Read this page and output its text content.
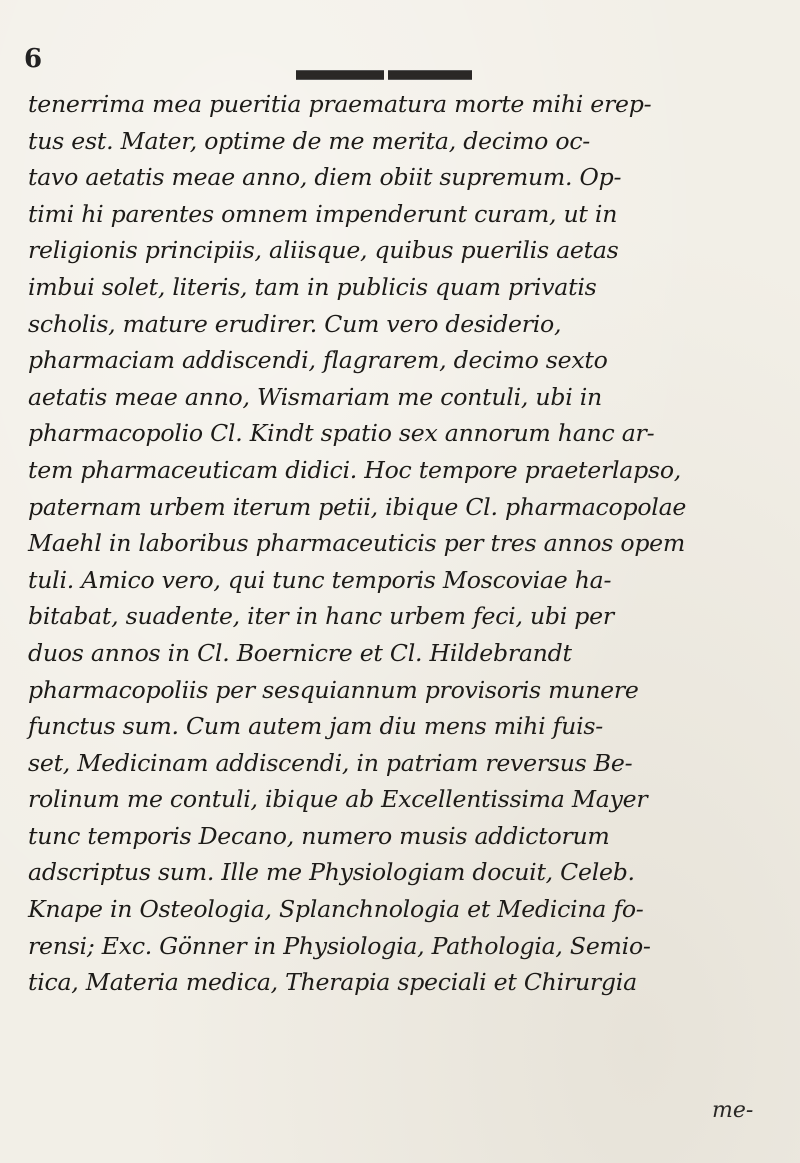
6
tenerrima mea pueritia praematura morte mihi erep-
tus est. Mater, optime de me merita, decimo oc-
tavo aetatis meae anno, diem obiit supremum. Op-
timi hi parentes omnem impenderunt curam, ut in
religionis principiis, aliisque, quibus puerilis aetas
imbui solet, literis, tam in publicis quam privatis
scholis, mature erudirer. Cum vero desiderio,
pharmaciam addiscendi, flagrarem, decimo sexto
aetatis meae anno, Wismariam me contuli, ubi in
pharmacopolio Cl. Kindt spatio sex annorum hanc ar-
tem pharmaceuticam didici. Hoc tempore praeterlapso,
paternam urbem iterum petii, ibique Cl. pharmacopolae
Maehl in laboribus pharmaceuticis per tres annos opem
tuli. Amico vero, qui tunc temporis Moscoviae ha-
bitabat, suadente, iter in hanc urbem feci, ubi per
duos annos in Cl. Boernicre et Cl. Hildebrandt
pharmacopoliis per sesquiannum provisoris munere
functus sum. Cum autem jam diu mens mihi fuis-
set, Medicinam addiscendi, in patriam reversus Be-
rolinum me contuli, ibique ab Excellentissima Mayer
tunc temporis Decano, numero musis addictorum
adscriptus sum. Ille me Physiologiam docuit, Celeb.
Knape in Osteologia, Splanchnologia et Medicina fo-
rensi; Exc. Gönner in Physiologia, Pathologia, Semio-
tica, Materia medica, Therapia speciali et Chirurgia
me-
